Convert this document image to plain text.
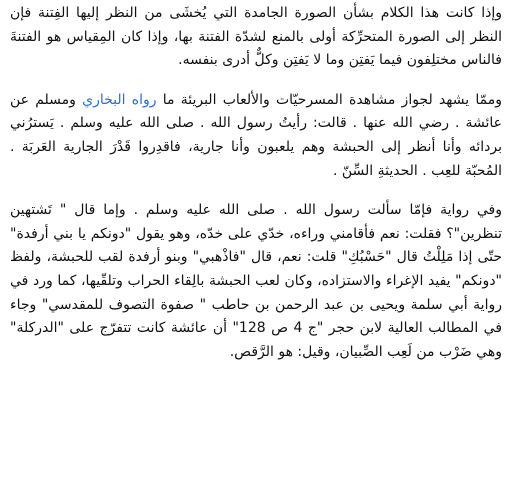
وإذا كانت هذا الكلام بشأن الصورة الجامدة التي يُخشَى من النظر إليها الفِتنة فإن النظر إلى الصورة المتحرِّكة أولى بالمنع لشدّة الفتنة بها، وإذا كان المِقياس هو الفتنةَ فالناس مختلِفون فيما يَفتِن وما لا يَفتِن وكلٌّ أدرى بنفسه.

وممّا يشهد لجواز مشاهدة المسرحيّات والألعاب البريئة ما رواه البخاري ومسلم عن عائشة . رضي الله عنها . قالت: رأيتُ رسول الله . صلى الله عليه وسلم . يَسترُني بردائه وأنا أنظر إلى الحبشة وهم يلعبون وأنا جارية، فاقدِروا قَدْرَ الجارية العَربَة . المُحبّة للعِب . الحديثةِ السِّنّ .

وفي رواية فإمّا سألت رسول الله . صلى الله عليه وسلم . وإما قال " تَشتهين تنظرين"؟ فقلت: نعم فأقامني وراءه، خدّي على خدّه، وهو يقول "دونكم يا بني أرفدة" حتّى إذا مَلِلْتُ قال "حَسْبُكِ" قلت: نعم، قال "فاذْهبي" وبنو أرفدة لقب للحبشة، ولفظ "دونكم" يفيد الإغراء والاستزاده، وكان لعب الحبشة بالِقاء الحراب وتلقّيها، كما ورد في رواية أبي سلمة ويحيى بن عبد الرحمن بن حاطب " صفوة التصوف للمقدسي" وجاء في المطالب العالية لابن حجر "ج 4 ص 128" أن عائشة كانت تتفرّج على "الدركلة" وهي ضَرْب من لَعِب الصِّبيان، وقيل: هو الرَّقص.
